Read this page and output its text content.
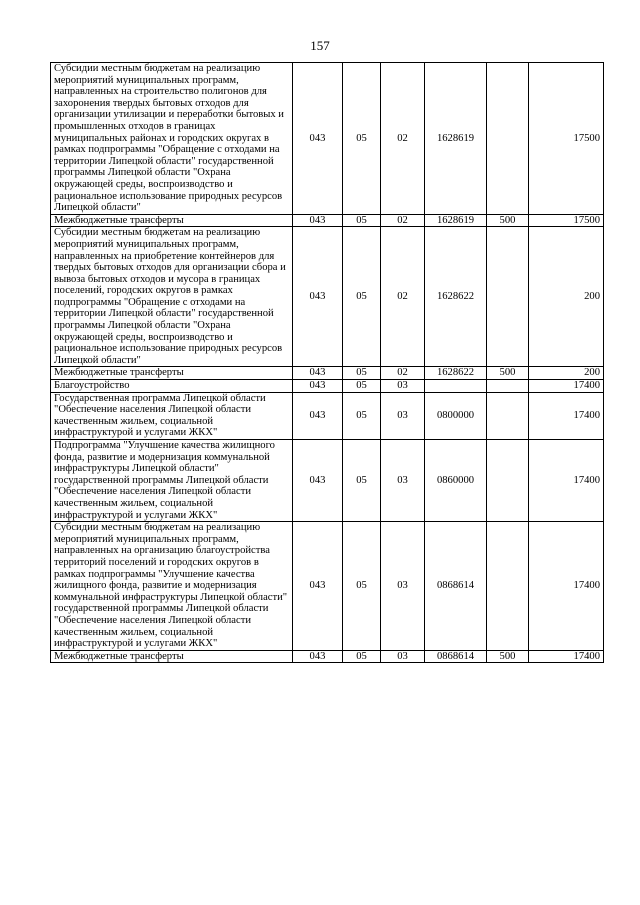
157
Субсидии местным бюджетам на реализацию мероприятий муниципальных программ, направленных на строительство полигонов для захоронения твердых бытовых отходов для организации утилизации и переработки бытовых и промышленных отходов в границах муниципальных районах и городских округах в рамках подпрограммы "Обращение с отходами на территории Липецкой области" государственной программы Липецкой области "Охрана окружающей среды, воспроизводство и рациональное использование природных ресурсов Липецкой области"	043	05	02	1628619		17500
Межбюджетные трансферты	043	05	02	1628619	500	17500
Субсидии местным бюджетам на реализацию мероприятий муниципальных программ, направленных на приобретение контейнеров для твердых бытовых отходов для организации сбора и вывоза бытовых отходов и мусора в границах поселений, городских округов в рамках подпрограммы "Обращение с отходами на территории Липецкой области" государственной программы Липецкой области "Охрана окружающей среды, воспроизводство и рациональное использование природных ресурсов Липецкой области"	043	05	02	1628622		200
Межбюджетные трансферты	043	05	02	1628622	500	200
Благоустройство	043	05	03			17400
Государственная программа Липецкой области "Обеспечение населения Липецкой области качественным жильем, социальной инфраструктурой и услугами ЖКХ"	043	05	03	0800000		17400
Подпрограмма "Улучшение качества жилищного фонда, развитие и модернизация коммунальной инфраструктуры Липецкой области" государственной программы Липецкой области "Обеспечение населения Липецкой области качественным жильем, социальной инфраструктурой и услугами ЖКХ"	043	05	03	0860000		17400
Субсидии местным бюджетам на реализацию мероприятий муниципальных программ, направленных на организацию благоустройства территорий поселений и городских округов в рамках подпрограммы "Улучшение качества жилищного фонда, развитие и модернизация коммунальной инфраструктуры Липецкой области" государственной программы Липецкой области "Обеспечение населения Липецкой области качественным жильем, социальной инфраструктурой и услугами ЖКХ"	043	05	03	0868614		17400
Межбюджетные трансферты	043	05	03	0868614	500	17400
